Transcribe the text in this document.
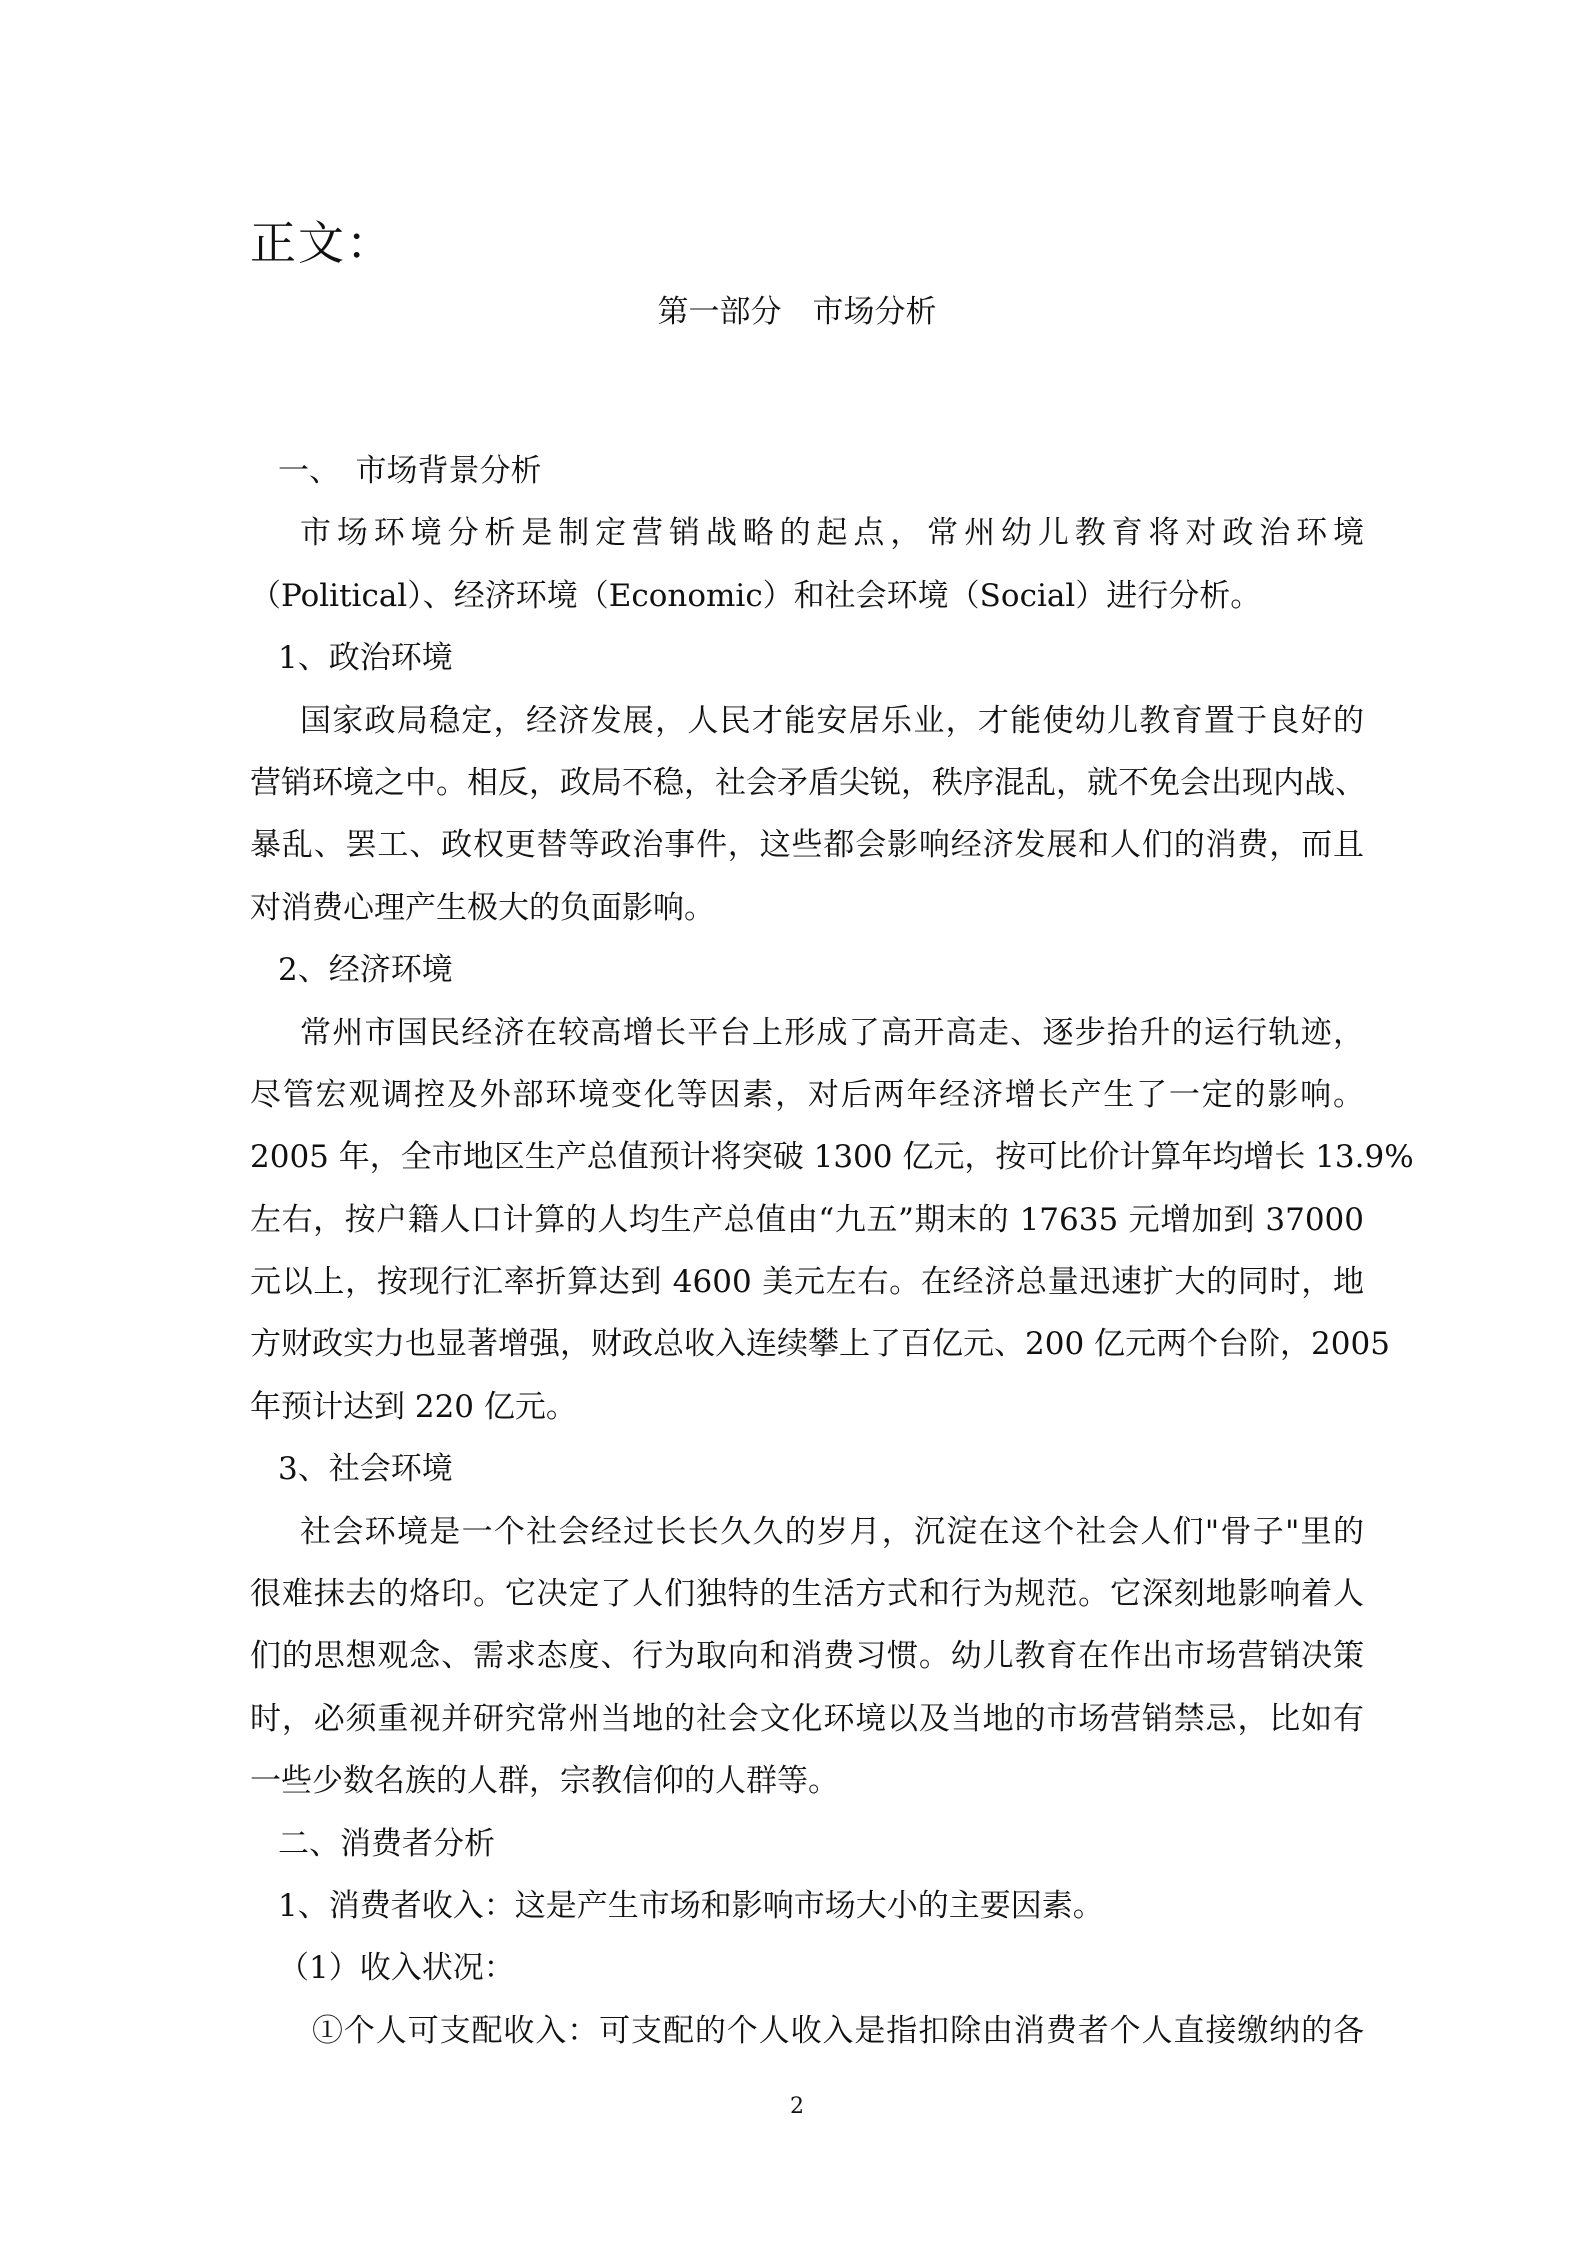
正文：
第一部分　市场分析
一、　市场背景分析
市场环境分析是制定营销战略的起点，常州幼儿教育将对政治环境
（Political）、经济环境（Economic）和社会环境（Social）进行分析。
1、政治环境
国家政局稳定，经济发展，人民才能安居乐业，才能使幼儿教育置于良好的
营销环境之中。相反，政局不稳，社会矛盾尖锐，秩序混乱，就不免会出现内战、
暴乱、罢工、政权更替等政治事件，这些都会影响经济发展和人们的消费，而且
对消费心理产生极大的负面影响。
2、经济环境
常州市国民经济在较高增长平台上形成了高开高走、逐步抬升的运行轨迹，
尽管宏观调控及外部环境变化等因素，对后两年经济增长产生了一定的影响。
2005 年，全市地区生产总值预计将突破 1300 亿元，按可比价计算年均增长 13.9%
左右，按户籍人口计算的人均生产总值由“九五”期末的 17635 元增加到 37000
元以上，按现行汇率折算达到 4600 美元左右。在经济总量迅速扩大的同时，地
方财政实力也显著增强，财政总收入连续攀上了百亿元、200 亿元两个台阶，2005
年预计达到 220 亿元。
3、社会环境
社会环境是一个社会经过长长久久的岁月，沉淀在这个社会人们"骨子"里的
很难抹去的烙印。它决定了人们独特的生活方式和行为规范。它深刻地影响着人
们的思想观念、需求态度、行为取向和消费习惯。幼儿教育在作出市场营销决策
时，必须重视并研究常州当地的社会文化环境以及当地的市场营销禁忌，比如有
一些少数名族的人群，宗教信仰的人群等。
二、消费者分析
1、消费者收入：这是产生市场和影响市场大小的主要因素。
（1）收入状况：
①个人可支配收入：可支配的个人收入是指扣除由消费者个人直接缴纳的各
2
